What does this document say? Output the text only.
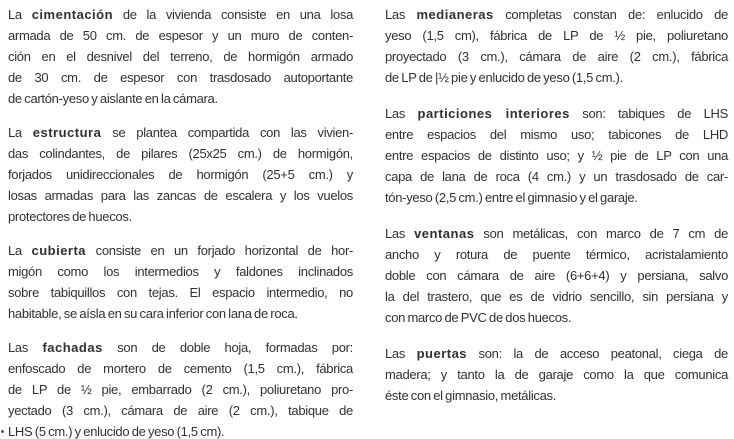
La cimentación de la vivienda consiste en una losa
armada de 50 cm. de espesor y un muro de conten-
ción en el desnivel del terreno, de hormigón armado
de 30 cm. de espesor con trasdosado autoportante
de cartón-yeso y aislante en la cámara.
La estructura se plantea compartida con las vivien-
das colindantes, de pilares (25x25 cm.) de hormigón,
forjados unidireccionales de hormigón (25+5 cm.) y
losas armadas para las zancas de escalera y los vuelos
protectores de huecos.
La cubierta consiste en un forjado horizontal de hor-
migón como los intermedios y faldones inclinados
sobre tabiquillos con tejas. El espacio intermedio, no
habitable, se aísla en su cara inferior con lana de roca.
Las fachadas son de doble hoja, formadas por:
enfoscado de mortero de cemento (1,5 cm.), fábrica
de LP de ½ pie, embarrado (2 cm.), poliuretano pro-
yectado (3 cm.), cámara de aire (2 cm.), tabique de
LHS (5 cm.) y enlucido de yeso (1,5 cm).
Las medianeras completas constan de: enlucido de
yeso (1,5 cm), fábrica de LP de ½ pie, poliuretano
proyectado (3 cm.), cámara de aire (2 cm.), fábrica
de LP de |½ pie y enlucido de yeso (1,5 cm.).
Las particiones interiores son: tabiques de LHS
entre espacios del mismo uso; tabicones de LHD
entre espacios de distinto uso; y ½ pie de LP con una
capa de lana de roca (4 cm.) y un trasdosado de car-
tón-yeso (2,5 cm.) entre el gimnasio y el garaje.
Las ventanas son metálicas, con marco de 7 cm de
ancho y rotura de puente térmico, acristalamiento
doble con cámara de aire (6+6+4) y persiana, salvo
la del trastero, que es de vidrio sencillo, sin persiana y
con marco de PVC de dos huecos.
Las puertas son: la de acceso peatonal, ciega de
madera; y tanto la de garaje como la que comunica
éste con el gimnasio, metálicas.
